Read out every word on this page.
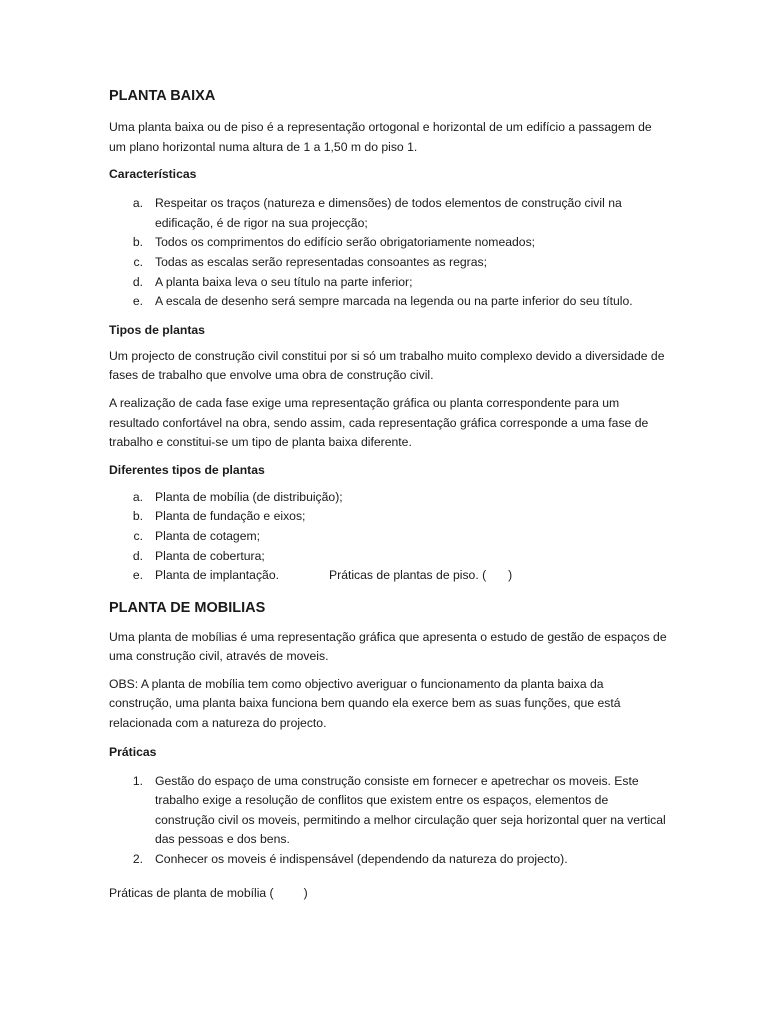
PLANTA BAIXA

Uma planta baixa ou de piso é a representação ortogonal e horizontal de um edifício a passagem de um plano horizontal numa altura de 1 a 1,50 m do piso 1.

Características
a. Respeitar os traços (natureza e dimensões) de todos elementos de construção civil na edificação, é de rigor na sua projecção;
b. Todos os comprimentos do edifício serão obrigatoriamente nomeados;
c. Todas as escalas serão representadas consoantes as regras;
d. A planta baixa leva o seu título na parte inferior;
e. A escala de desenho será sempre marcada na legenda ou na parte inferior do seu título.
Tipos de plantas

Um projecto de construção civil constitui por si só um trabalho muito complexo devido a diversidade de fases de trabalho que envolve uma obra de construção civil.

A realização de cada fase exige uma representação gráfica ou planta correspondente para um resultado confortável na obra, sendo assim, cada representação gráfica corresponde a uma fase de trabalho e constitui-se um tipo de planta baixa diferente.

Diferentes tipos de plantas
a. Planta de mobília (de distribuição);
b. Planta de fundação e eixos;
c. Planta de cotagem;
d. Planta de cobertura;
e. Planta de implantação.	Práticas de plantas de piso. ( )
PLANTA DE MOBILIAS

Uma planta de mobílias é uma representação gráfica que apresenta o estudo de gestão de espaços de uma construção civil, através de moveis.

OBS: A planta de mobília tem como objectivo averiguar o funcionamento da planta baixa da construção, uma planta baixa funciona bem quando ela exerce bem as suas funções, que está relacionada com a natureza do projecto.

Práticas
1. Gestão do espaço de uma construção consiste em fornecer e apetrechar os moveis. Este trabalho exige a resolução de conflitos que existem entre os espaços, elementos de construção civil os moveis, permitindo a melhor circulação quer seja horizontal quer na vertical das pessoas e dos bens.
2. Conhecer os moveis é indispensável (dependendo da natureza do projecto).

Práticas de planta de mobília ( )
